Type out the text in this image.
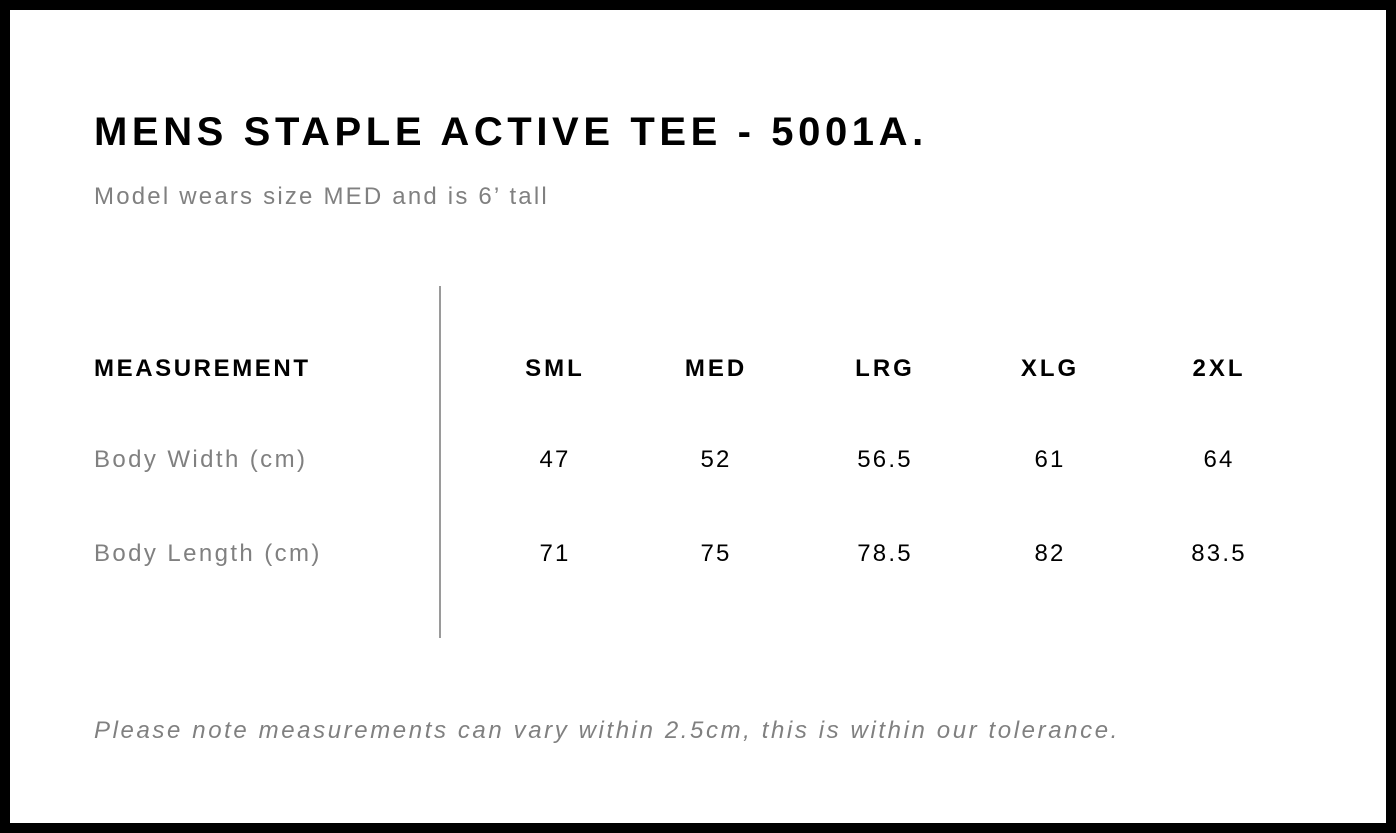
MENS STAPLE ACTIVE TEE - 5001A.
Model wears size MED and is 6’ tall
MEASUREMENT	SML	MED	LRG	XLG	2XL
Body Width (cm)	47	52	56.5	61	64
Body Length (cm)	71	75	78.5	82	83.5
Please note measurements can vary within 2.5cm, this is within our tolerance.
